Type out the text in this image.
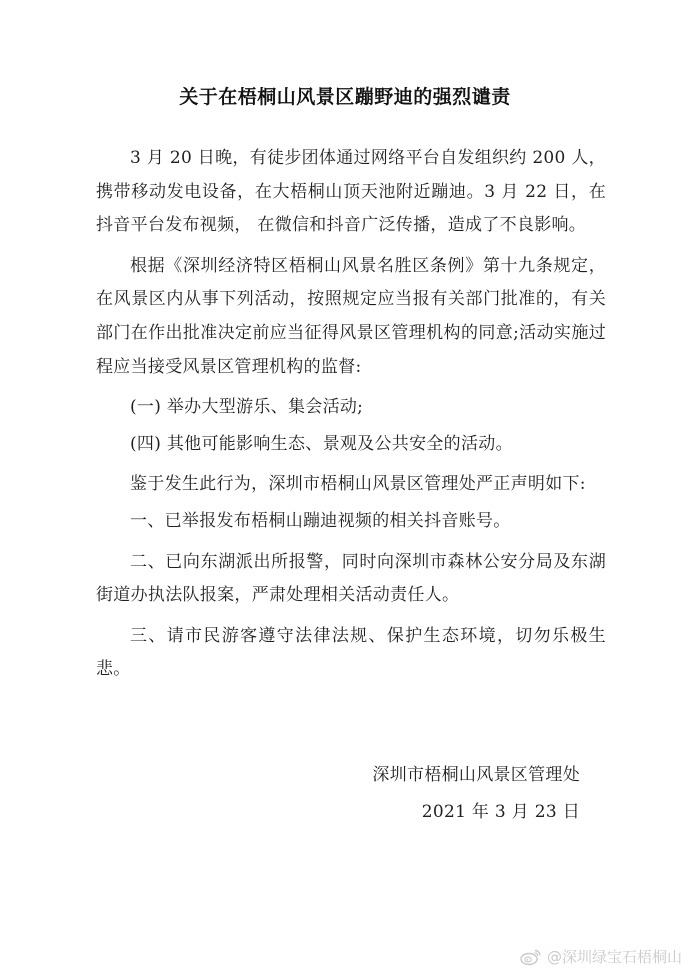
关于在梧桐山风景区蹦野迪的强烈谴责

3 月 20 日晚，有徒步团体通过网络平台自发组织约 200 人，携带移动发电设备，在大梧桐山顶天池附近蹦迪。3 月 22 日，在抖音平台发布视频， 在微信和抖音广泛传播，造成了不良影响。

根据《深圳经济特区梧桐山风景名胜区条例》第十九条规定，在风景区内从事下列活动，按照规定应当报有关部门批准的，有关部门在作出批准决定前应当征得风景区管理机构的同意;活动实施过程应当接受风景区管理机构的监督:

(一) 举办大型游乐、集会活动;

(四) 其他可能影响生态、景观及公共安全的活动。

鉴于发生此行为，深圳市梧桐山风景区管理处严正声明如下:

一、已举报发布梧桐山蹦迪视频的相关抖音账号。

二、已向东湖派出所报警，同时向深圳市森林公安分局及东湖街道办执法队报案，严肃处理相关活动责任人。

三、请市民游客遵守法律法规、保护生态环境，切勿乐极生悲。

深圳市梧桐山风景区管理处
2021 年 3 月 23 日
@深圳绿宝石梧桐山
